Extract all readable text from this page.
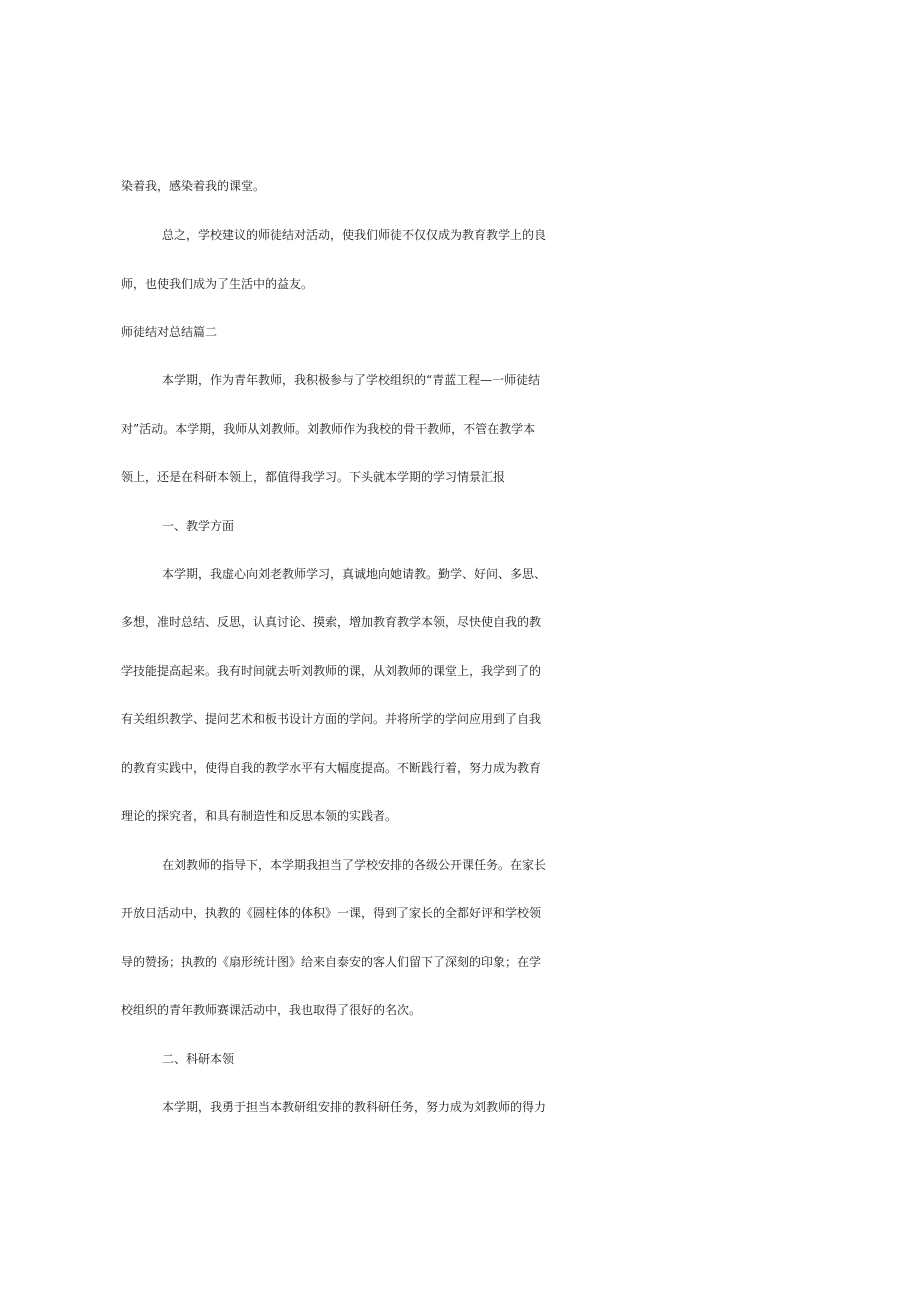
染着我，感染着我的课堂。
总之，学校建议的师徒结对活动，使我们师徒不仅仅成为教育教学上的良
师，也使我们成为了生活中的益友。
师徒结对总结篇二
本学期，作为青年教师，我积极参与了学校组织的“青蓝工程—一师徒结
对”活动。本学期，我师从刘教师。刘教师作为我校的骨干教师，不管在教学本
领上，还是在科研本领上，都值得我学习。下头就本学期的学习情景汇报
一、教学方面
本学期，我虚心向刘老教师学习，真诚地向她请教。勤学、好问、多思、
多想，准时总结、反思，认真讨论、摸索，增加教育教学本领，尽快使自我的教
学技能提高起来。我有时间就去听刘教师的课，从刘教师的课堂上，我学到了的
有关组织教学、提问艺术和板书设计方面的学问。并将所学的学问应用到了自我
的教育实践中，使得自我的教学水平有大幅度提高。不断践行着，努力成为教育
理论的探究者，和具有制造性和反思本领的实践者。
在刘教师的指导下，本学期我担当了学校安排的各级公开课任务。在家长
开放日活动中，执教的《圆柱体的体积》一课，得到了家长的全都好评和学校领
导的赞扬；执教的《扇形统计图》给来自泰安的客人们留下了深刻的印象；在学
校组织的青年教师赛课活动中，我也取得了很好的名次。
二、科研本领
本学期，我勇于担当本教研组安排的教科研任务，努力成为刘教师的得力
